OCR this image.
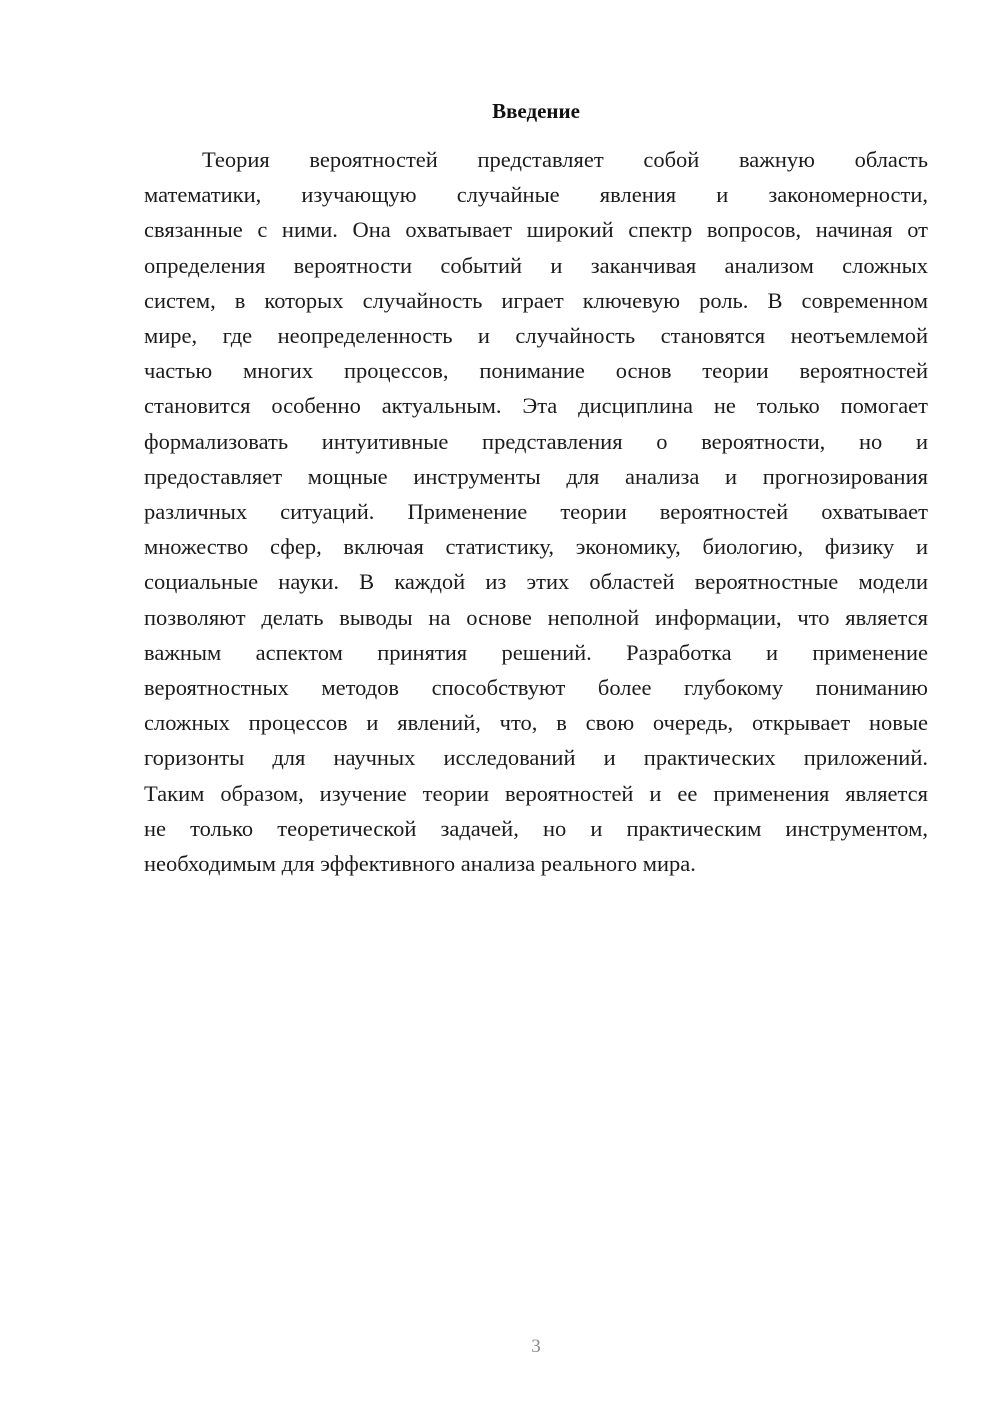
Введение
Теория вероятностей представляет собой важную область
математики, изучающую случайные явления и закономерности,
связанные с ними. Она охватывает широкий спектр вопросов, начиная от
определения вероятности событий и заканчивая анализом сложных
систем, в которых случайность играет ключевую роль. В современном
мире, где неопределенность и случайность становятся неотъемлемой
частью многих процессов, понимание основ теории вероятностей
становится особенно актуальным. Эта дисциплина не только помогает
формализовать интуитивные представления о вероятности, но и
предоставляет мощные инструменты для анализа и прогнозирования
различных ситуаций. Применение теории вероятностей охватывает
множество сфер, включая статистику, экономику, биологию, физику и
социальные науки. В каждой из этих областей вероятностные модели
позволяют делать выводы на основе неполной информации, что является
важным аспектом принятия решений. Разработка и применение
вероятностных методов способствуют более глубокому пониманию
сложных процессов и явлений, что, в свою очередь, открывает новые
горизонты для научных исследований и практических приложений.
Таким образом, изучение теории вероятностей и ее применения является
не только теоретической задачей, но и практическим инструментом,
необходимым для эффективного анализа реального мира.
3
